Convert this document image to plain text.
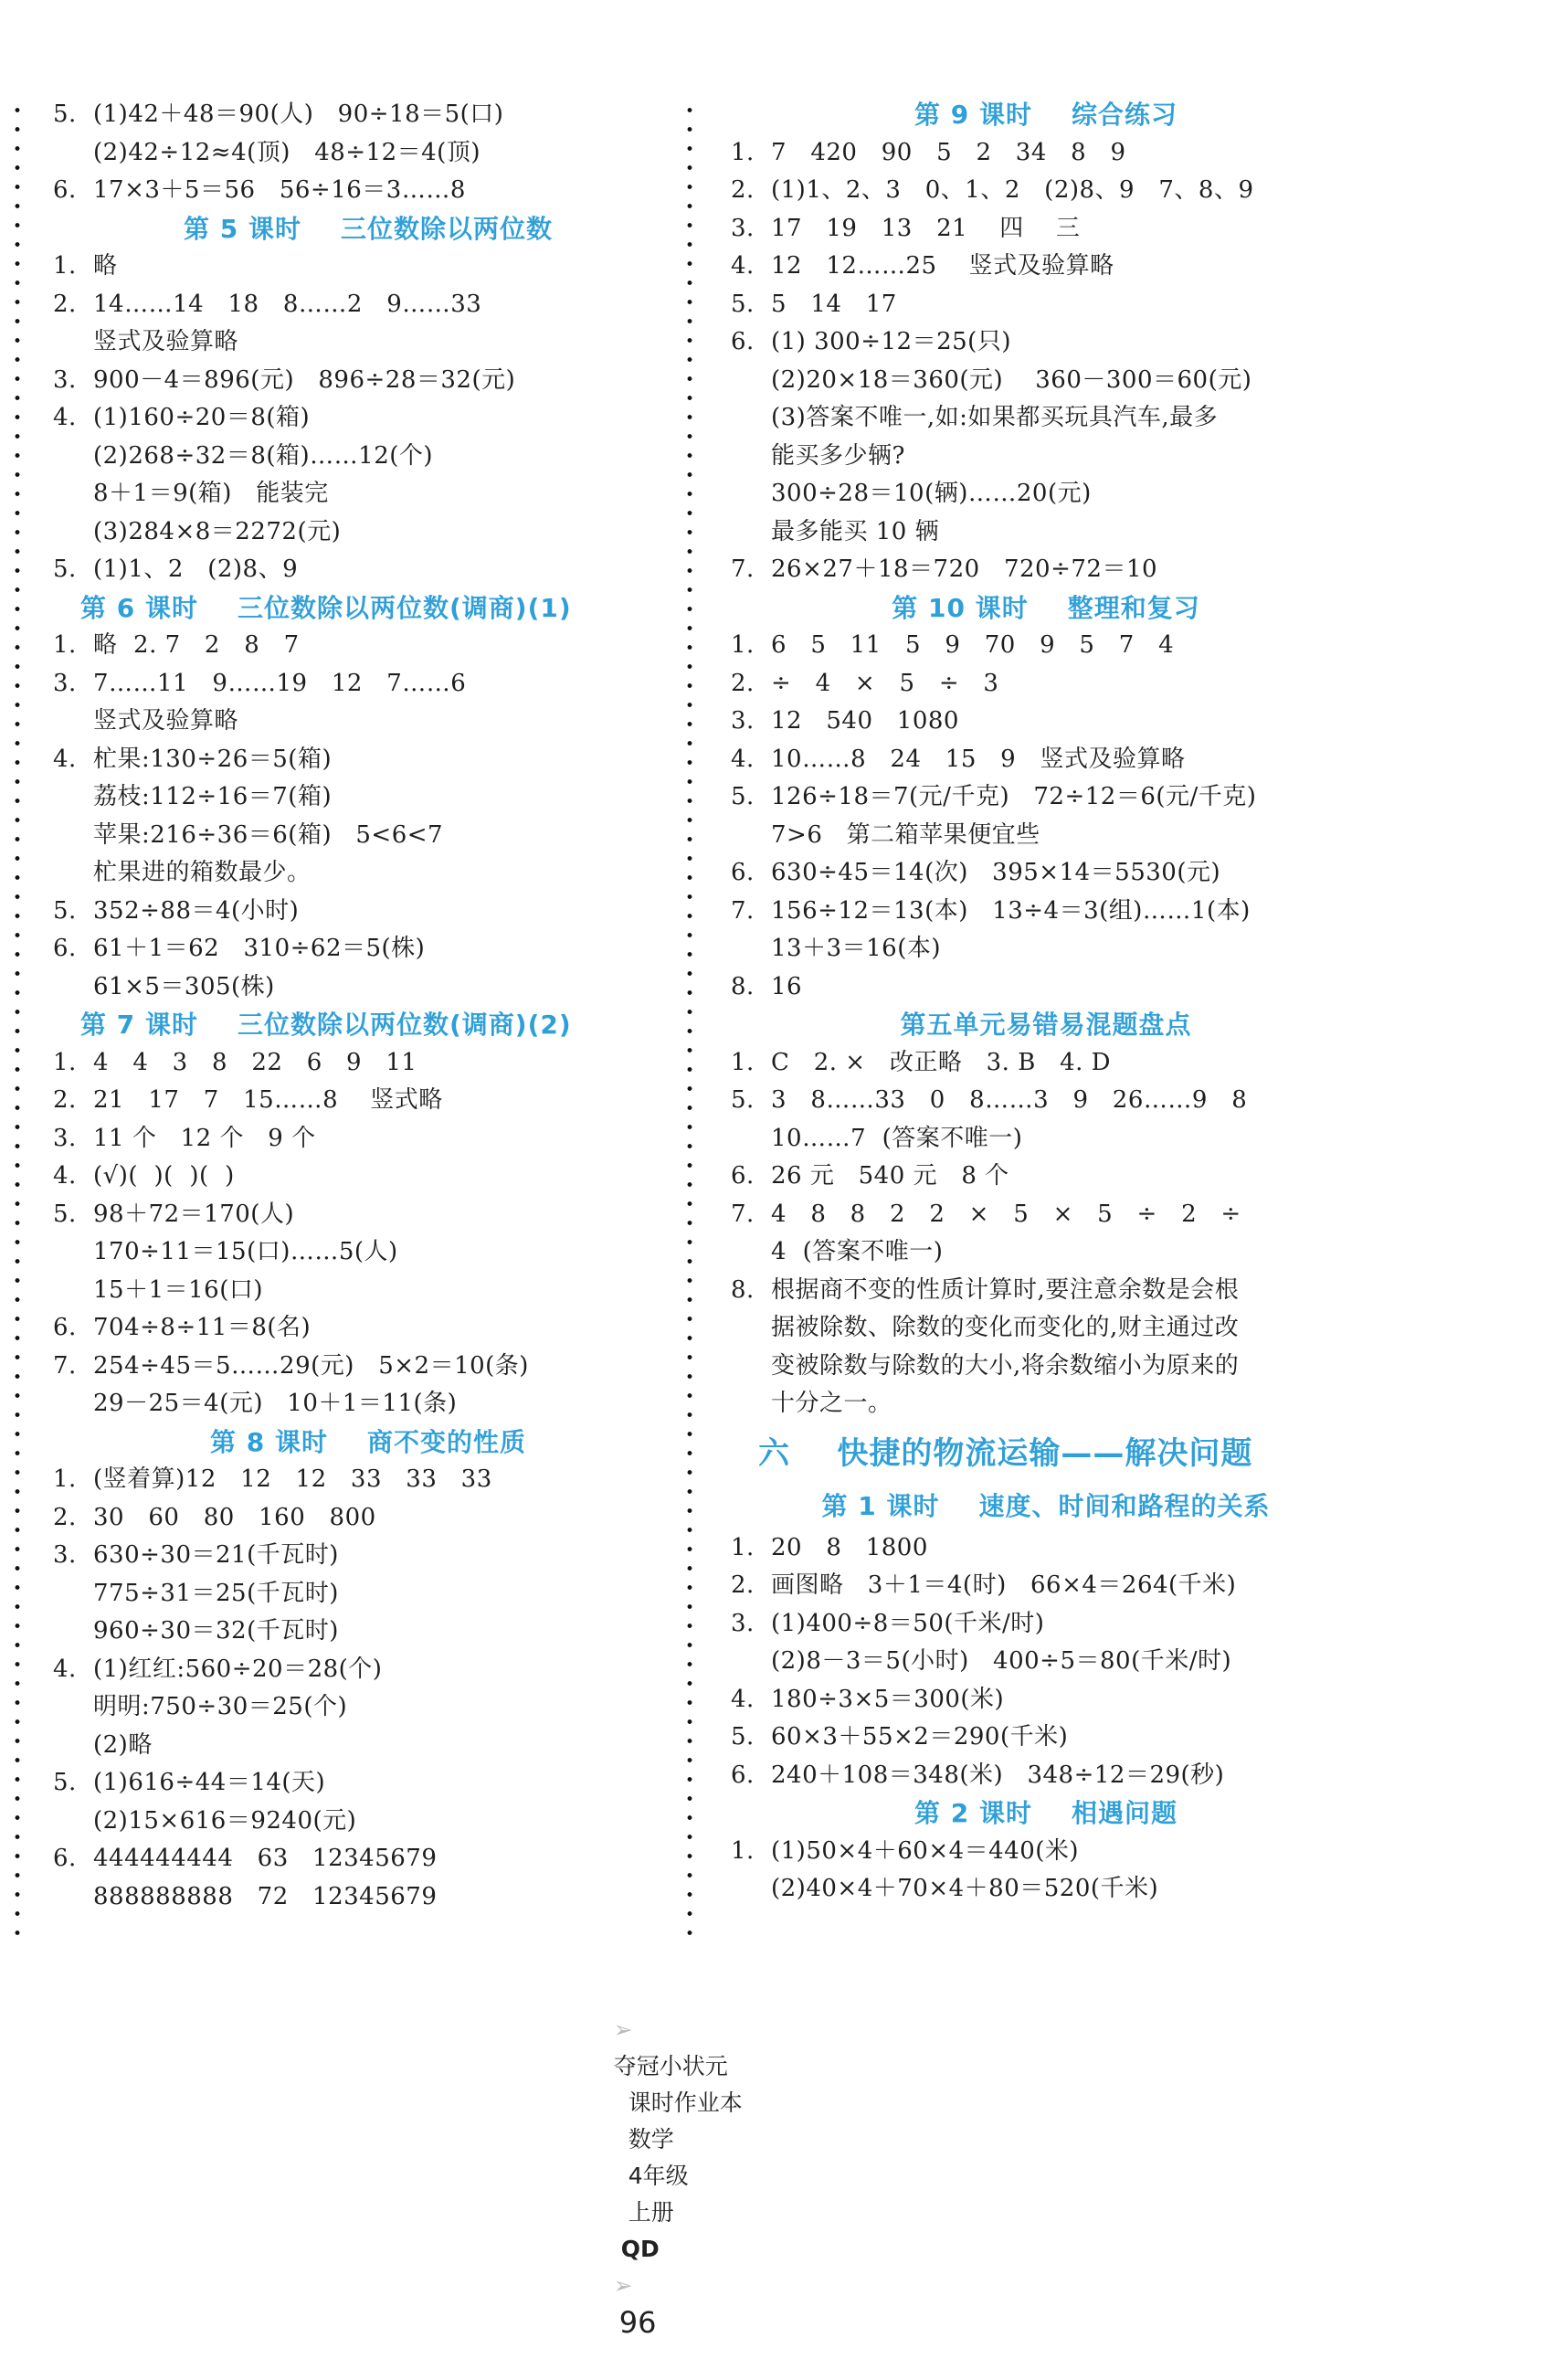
5. (1)42＋48＝90(人)   90÷18＝5(口)
(2)42÷12≈4(顶)   48÷12＝4(顶)
6. 17×3＋5＝56   56÷16＝3……8
第 5 课时    三位数除以两位数
1. 略
2. 14……14   18   8……2   9……33
竖式及验算略
3. 900－4＝896(元)   896÷28＝32(元)
4. (1)160÷20＝8(箱)
(2)268÷32＝8(箱)……12(个)
8＋1＝9(箱)   能装完
(3)284×8＝2272(元)
5. (1)1、2   (2)8、9
第 6 课时    三位数除以两位数(调商)(1)
1. 略  2. 7   2   8   7
3. 7……11   9……19   12   7……6
竖式及验算略
4. 杧果:130÷26＝5(箱)
荔枝:112÷16＝7(箱)
苹果:216÷36＝6(箱)   5<6<7
杧果进的箱数最少。
5. 352÷88＝4(小时)
6. 61＋1＝62   310÷62＝5(株)
61×5＝305(株)
第 7 课时    三位数除以两位数(调商)(2)
1. 4   4   3   8   22   6   9   11
2. 21   17   7   15……8    竖式略
3. 11 个   12 个   9 个
4. (√)(  )(  )(  )
5. 98＋72＝170(人)
170÷11＝15(口)……5(人)
15＋1＝16(口)
6. 704÷8÷11＝8(名)
7. 254÷45＝5……29(元)   5×2＝10(条)
29－25＝4(元)   10＋1＝11(条)
第 8 课时    商不变的性质
1. (竖着算)12   12   12   33   33   33
2. 30   60   80   160   800
3. 630÷30＝21(千瓦时)
775÷31＝25(千瓦时)
960÷30＝32(千瓦时)
4. (1)红红:560÷20＝28(个)
明明:750÷30＝25(个)
(2)略
5. (1)616÷44＝14(天)
(2)15×616＝9240(元)
6. 444444444   63   12345679
888888888   72   12345679
第 9 课时    综合练习
1. 7   420   90   5   2   34   8   9
2. (1)1、2、3   0、1、2   (2)8、9   7、8、9
3. 17   19   13   21    四    三
4. 12   12……25    竖式及验算略
5. 5   14   17
6. (1) 300÷12＝25(只)
(2)20×18＝360(元)    360－300＝60(元)
(3)答案不唯一,如:如果都买玩具汽车,最多
能买多少辆?
300÷28＝10(辆)……20(元)
最多能买 10 辆
7. 26×27＋18＝720   720÷72＝10
第 10 课时    整理和复习
1. 6   5   11   5   9   70   9   5   7   4
2. ÷   4   ×   5   ÷   3
3. 12   540   1080
4. 10……8   24   15   9   竖式及验算略
5. 126÷18＝7(元/千克)   72÷12＝6(元/千克)
7>6   第二箱苹果便宜些
6. 630÷45＝14(次)   395×14＝5530(元)
7. 156÷12＝13(本)   13÷4＝3(组)……1(本)
13＋3＝16(本)
8. 16
第五单元易错易混题盘点
1. C   2. ×   改正略   3. B   4. D
5. 3   8……33   0   8……3   9   26……9   8
10……7  (答案不唯一)
6. 26 元   540 元   8 个
7. 4   8   8   2   2   ×   5   ×   5   ÷   2   ÷
4  (答案不唯一)
8. 根据商不变的性质计算时,要注意余数是会根
据被除数、除数的变化而变化的,财主通过改
变被除数与除数的大小,将余数缩小为原来的
十分之一。
六    快捷的物流运输——解决问题
第 1 课时    速度、时间和路程的关系
1. 20   8   1800
2. 画图略   3＋1＝4(时)   66×4＝264(千米)
3. (1)400÷8＝50(千米/时)
(2)8－3＝5(小时)   400÷5＝80(千米/时)
4. 180÷3×5＝300(米)
5. 60×3＋55×2＝290(千米)
6. 240＋108＝348(米)   348÷12＝29(秒)
第 2 课时    相遇问题
1. (1)50×4＋60×4＝440(米)
(2)40×4＋70×4＋80＝520(千米)

➢
夺冠小状元
课时作业本
数学
4年级
上册
QD
➢
96
